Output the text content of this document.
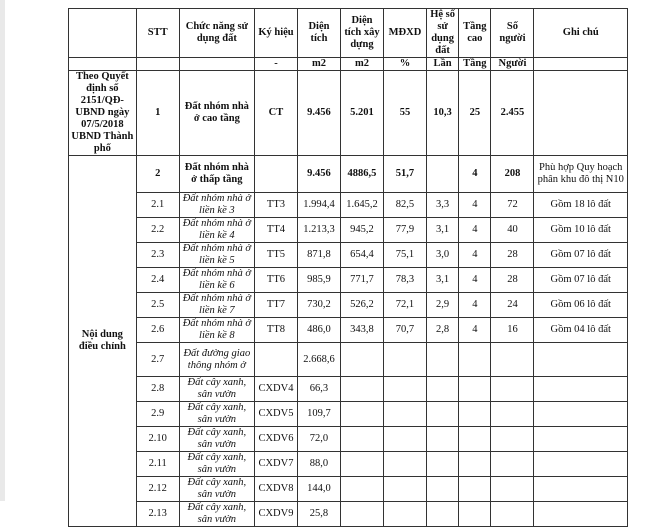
	STT	Chức năng sử dụng đất	Ký hiệu	Diện tích	Diện tích xây dựng	MĐXD	Hệ số sử dụng đất	Tầng cao	Số người	Ghi chú
			-	m2	m2	%	Lần	Tầng	Người	
Theo Quyết định số 2151/QĐ-UBND ngày 07/5/2018 UBND Thành phố	1	Đất nhóm nhà ở cao tầng	CT	9.456	5.201	55	10,3	25	2.455	
Nội dung điều chỉnh	2	Đất nhóm nhà ở thấp tầng		9.456	4886,5	51,7		4	208	Phù hợp Quy hoạch phân khu đô thị N10
	2.1	Đất nhóm nhà ở liền kề 3	TT3	1.994,4	1.645,2	82,5	3,3	4	72	Gồm 18 lô đất
	2.2	Đất nhóm nhà ở liền kề 4	TT4	1.213,3	945,2	77,9	3,1	4	40	Gồm 10 lô đất
	2.3	Đất nhóm nhà ở liền kề 5	TT5	871,8	654,4	75,1	3,0	4	28	Gồm 07 lô đất
	2.4	Đất nhóm nhà ở liền kề 6	TT6	985,9	771,7	78,3	3,1	4	28	Gồm 07 lô đất
	2.5	Đất nhóm nhà ở liền kề 7	TT7	730,2	526,2	72,1	2,9	4	24	Gồm 06 lô đất
	2.6	Đất nhóm nhà ở liền kề 8	TT8	486,0	343,8	70,7	2,8	4	16	Gồm 04 lô đất
	2.7	Đất đường giao thông nhóm ở		2.668,6						
	2.8	Đất cây xanh, sân vườn	CXDV4	66,3						
	2.9	Đất cây xanh, sân vườn	CXDV5	109,7						
	2.10	Đất cây xanh, sân vườn	CXDV6	72,0						
	2.11	Đất cây xanh, sân vườn	CXDV7	88,0						
	2.12	Đất cây xanh, sân vườn	CXDV8	144,0						
	2.13	Đất cây xanh, sân vườn	CXDV9	25,8						
